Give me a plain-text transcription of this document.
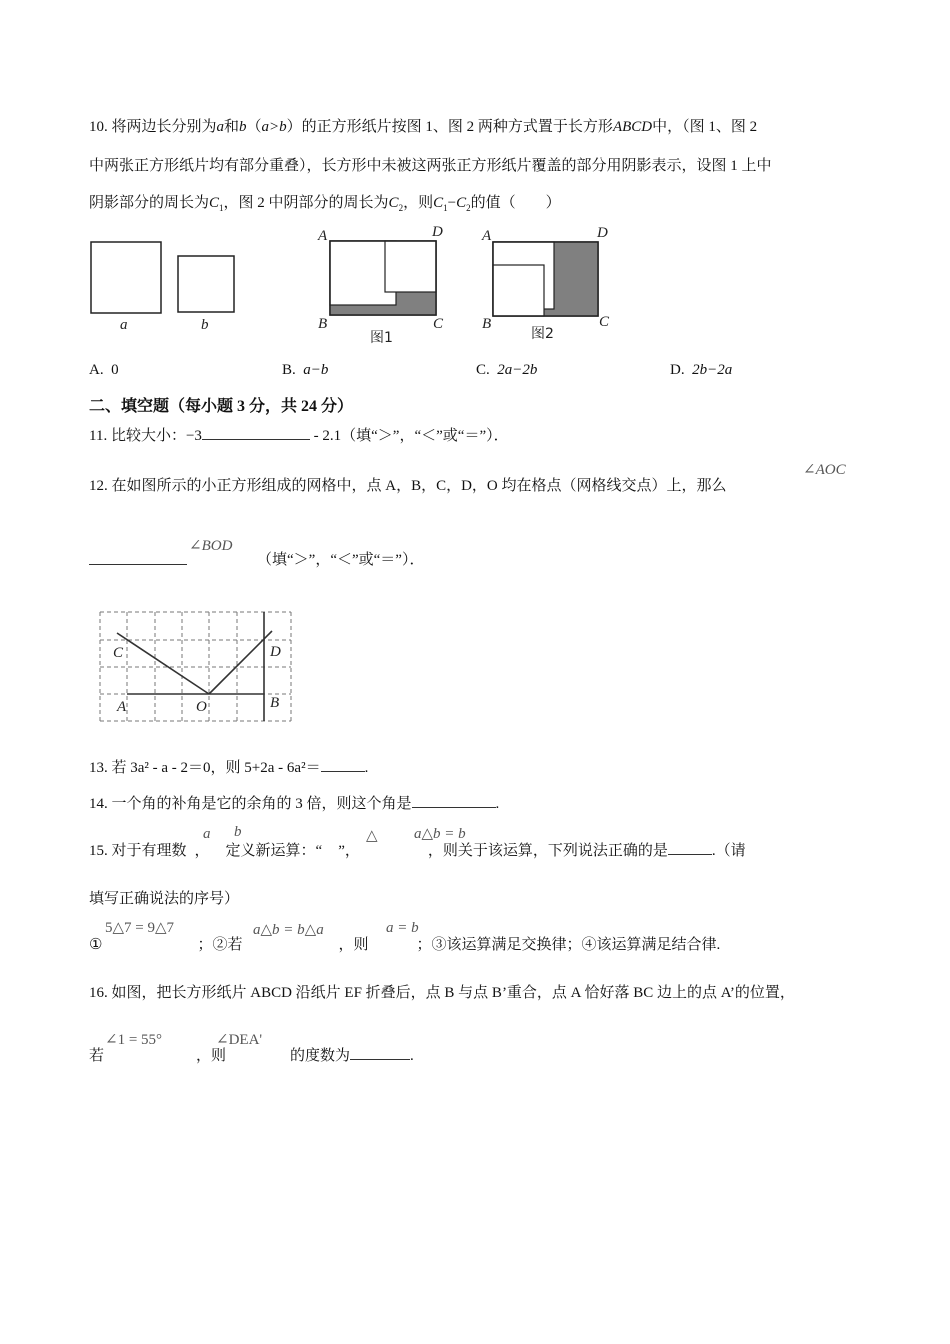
10. 将两边长分别为a和b（a>b）的正方形纸片按图 1、图 2 两种方式置于长方形ABCD中，（图 1、图 2
中两张正方形纸片均有部分重叠），长方形中未被这两张正方形纸片覆盖的部分用阴影表示，设图 1 上中
阴影部分的周长为$C_1$，图 2 中阴部分的周长为$C_2$，则$C_1-C_2$的值（　　）
a	b
A
B	C
D
图1
A
B	C
D
图2
A. 0	B. a−b	C. 2a−2b	D. 2b−2a
二、填空题（每小题 3 分，共 24 分）
11. 比较大小：−3	- 2.1（填“＞”，“＜”或“＝”）．
12. 在如图所示的小正方形组成的网格中，点 A，B，C，D，O 均在格点（网格线交点）上，那么
∠AOC
∠BOD
（填“＞”，“＜”或“＝”）．
C	D
A	O	B
13. 若 3a² - a - 2＝0，则 5+2a - 6a²＝	.
14. 一个角的补角是它的余角的 3 倍，则这个角是	.
15. 对于有理数 ， 定义新运算：“ ”，	，则关于该运算，下列说法正确的是	.（请
a b	△ a△b = b
填写正确说法的序号）
①	；②若	，则	；③该运算满足交换律；④该运算满足结合律.
5△7 = 9△7	a△b = b△a	a = b
16. 如图，把长方形纸片 ABCD 沿纸片 EF 折叠后，点 B 与点 B’重合，点 A 恰好落 BC 边上的点 A’的位置，
若	，则	的度数为	.
∠1 = 55°	∠DEA'
